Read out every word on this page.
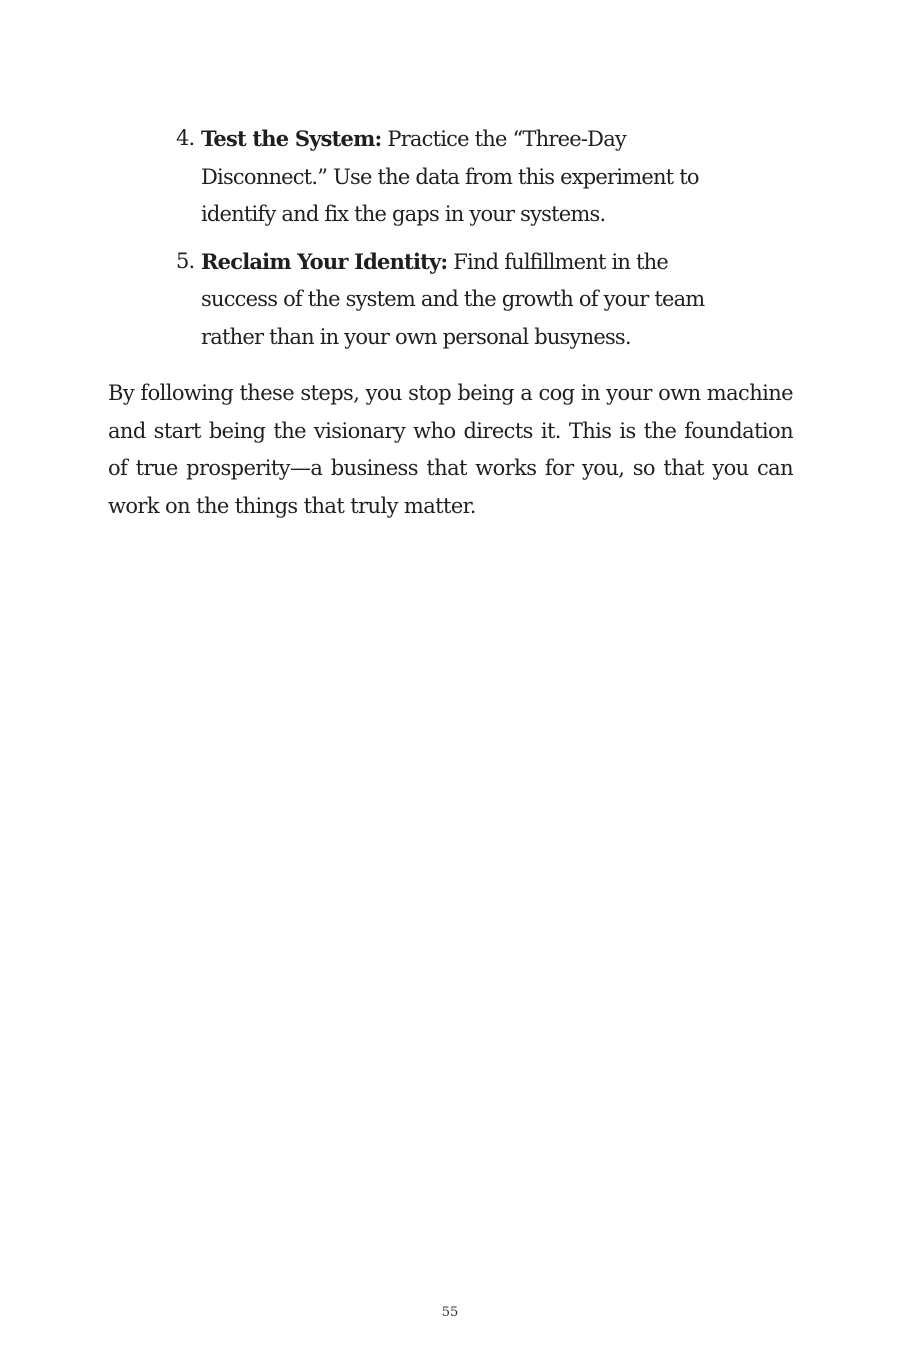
4. Test the System: Practice the “Three-Day Disconnect.” Use the data from this experiment to identify and fix the gaps in your systems.
5. Reclaim Your Identity: Find fulfillment in the success of the system and the growth of your team rather than in your own personal busyness.

By following these steps, you stop being a cog in your own machine and start being the visionary who directs it. This is the foundation of true prosperity—a business that works for you, so that you can work on the things that truly matter.

55
